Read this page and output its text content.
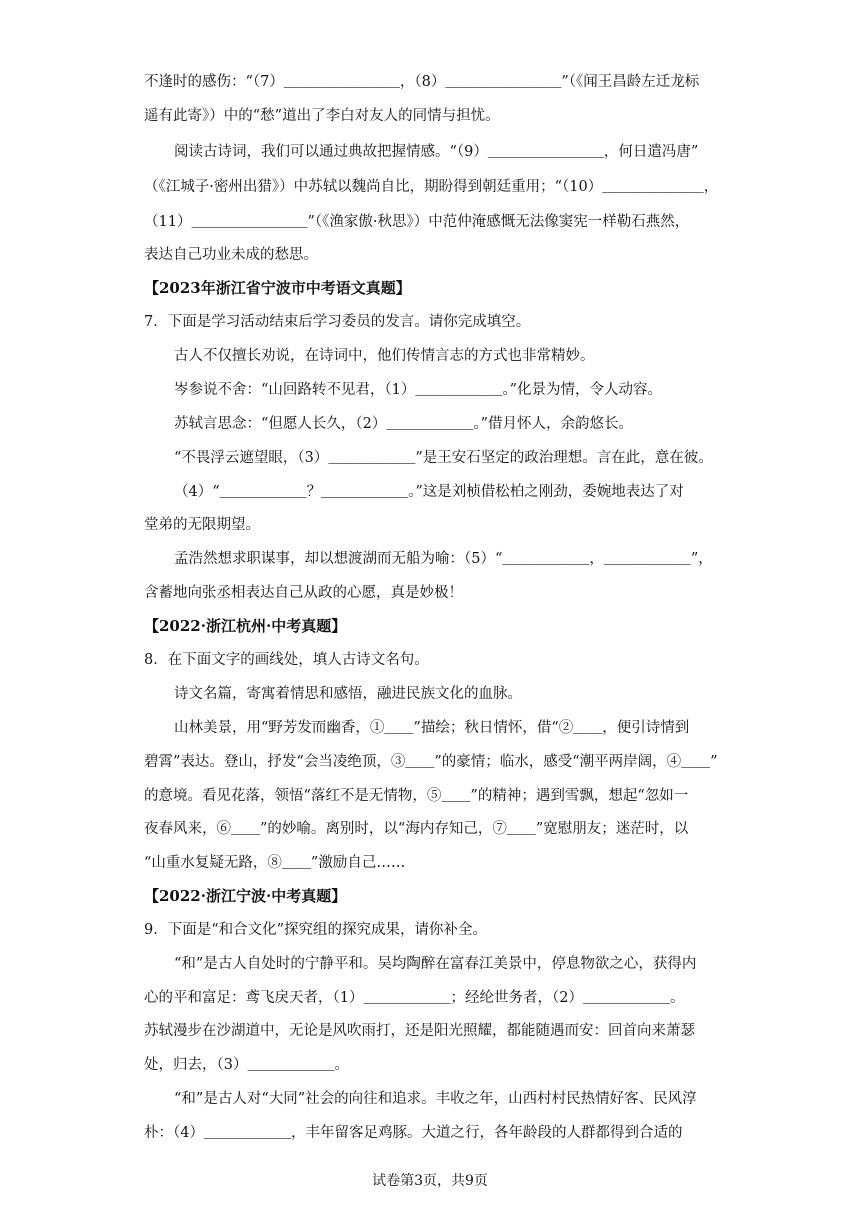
不逢时的感伤：“（7）＿＿＿＿＿＿＿＿，（8）＿＿＿＿＿＿＿＿”（《闻王昌龄左迁龙标
遥有此寄》）中的“愁”道出了李白对友人的同情与担忧。
阅读古诗词，我们可以通过典故把握情感。“（9）＿＿＿＿＿＿＿＿，何日遣冯唐”
（《江城子·密州出猎》）中苏轼以魏尚自比，期盼得到朝廷重用；“（10）＿＿＿＿＿＿＿，
（11）＿＿＿＿＿＿＿＿”（《渔家傲·秋思》）中范仲淹感慨无法像窦宪一样勒石燕然，
表达自己功业未成的愁思。
【2023年浙江省宁波市中考语文真题】
7．下面是学习活动结束后学习委员的发言。请你完成填空。
古人不仅擅长劝说，在诗词中，他们传情言志的方式也非常精妙。
岑参说不舍：“山回路转不见君，（1）＿＿＿＿＿＿。”化景为情，令人动容。
苏轼言思念：“但愿人长久，（2）＿＿＿＿＿＿。”借月怀人，余韵悠长。
“不畏浮云遮望眼，（3）＿＿＿＿＿＿”是王安石坚定的政治理想。言在此，意在彼。
（4）“＿＿＿＿＿＿？＿＿＿＿＿＿。”这是刘桢借松柏之刚劲，委婉地表达了对
堂弟的无限期望。
孟浩然想求职谋事，却以想渡湖而无船为喻：（5）“＿＿＿＿＿＿，＿＿＿＿＿＿”，
含蓄地向张丞相表达自己从政的心愿，真是妙极！
【2022·浙江杭州·中考真题】
8．在下面文字的画线处，填人古诗文名句。
诗文名篇，寄寓着情思和感悟，融进民族文化的血脉。
山林美景，用“野芳发而幽香，①＿＿”描绘；秋日情怀，借“②＿＿，便引诗情到
碧霄”表达。登山，抒发“会当凌绝顶，③＿＿”的豪情；临水，感受“潮平两岸阔，④＿＿”
的意境。看见花落，领悟“落红不是无情物，⑤＿＿”的精神；遇到雪飘，想起“忽如一
夜春风来，⑥＿＿”的妙喻。离别时，以“海内存知己，⑦＿＿”宽慰朋友；迷茫时，以
“山重水复疑无路，⑧＿＿”激励自己……
【2022·浙江宁波·中考真题】
9．下面是“和合文化”探究组的探究成果，请你补全。
“和”是古人自处时的宁静平和。吴均陶醉在富春江美景中，停息物欲之心，获得内
心的平和富足：鸢飞戾天者，（1）＿＿＿＿＿＿；经纶世务者，（2）＿＿＿＿＿＿。
苏轼漫步在沙湖道中，无论是风吹雨打，还是阳光照耀，都能随遇而安：回首向来萧瑟
处，归去，（3）＿＿＿＿＿＿。
“和”是古人对“大同”社会的向往和追求。丰收之年，山西村村民热情好客、民风淳
朴：（4）＿＿＿＿＿＿，丰年留客足鸡豚。大道之行，各年龄段的人群都得到合适的
试卷第3页，共9页
